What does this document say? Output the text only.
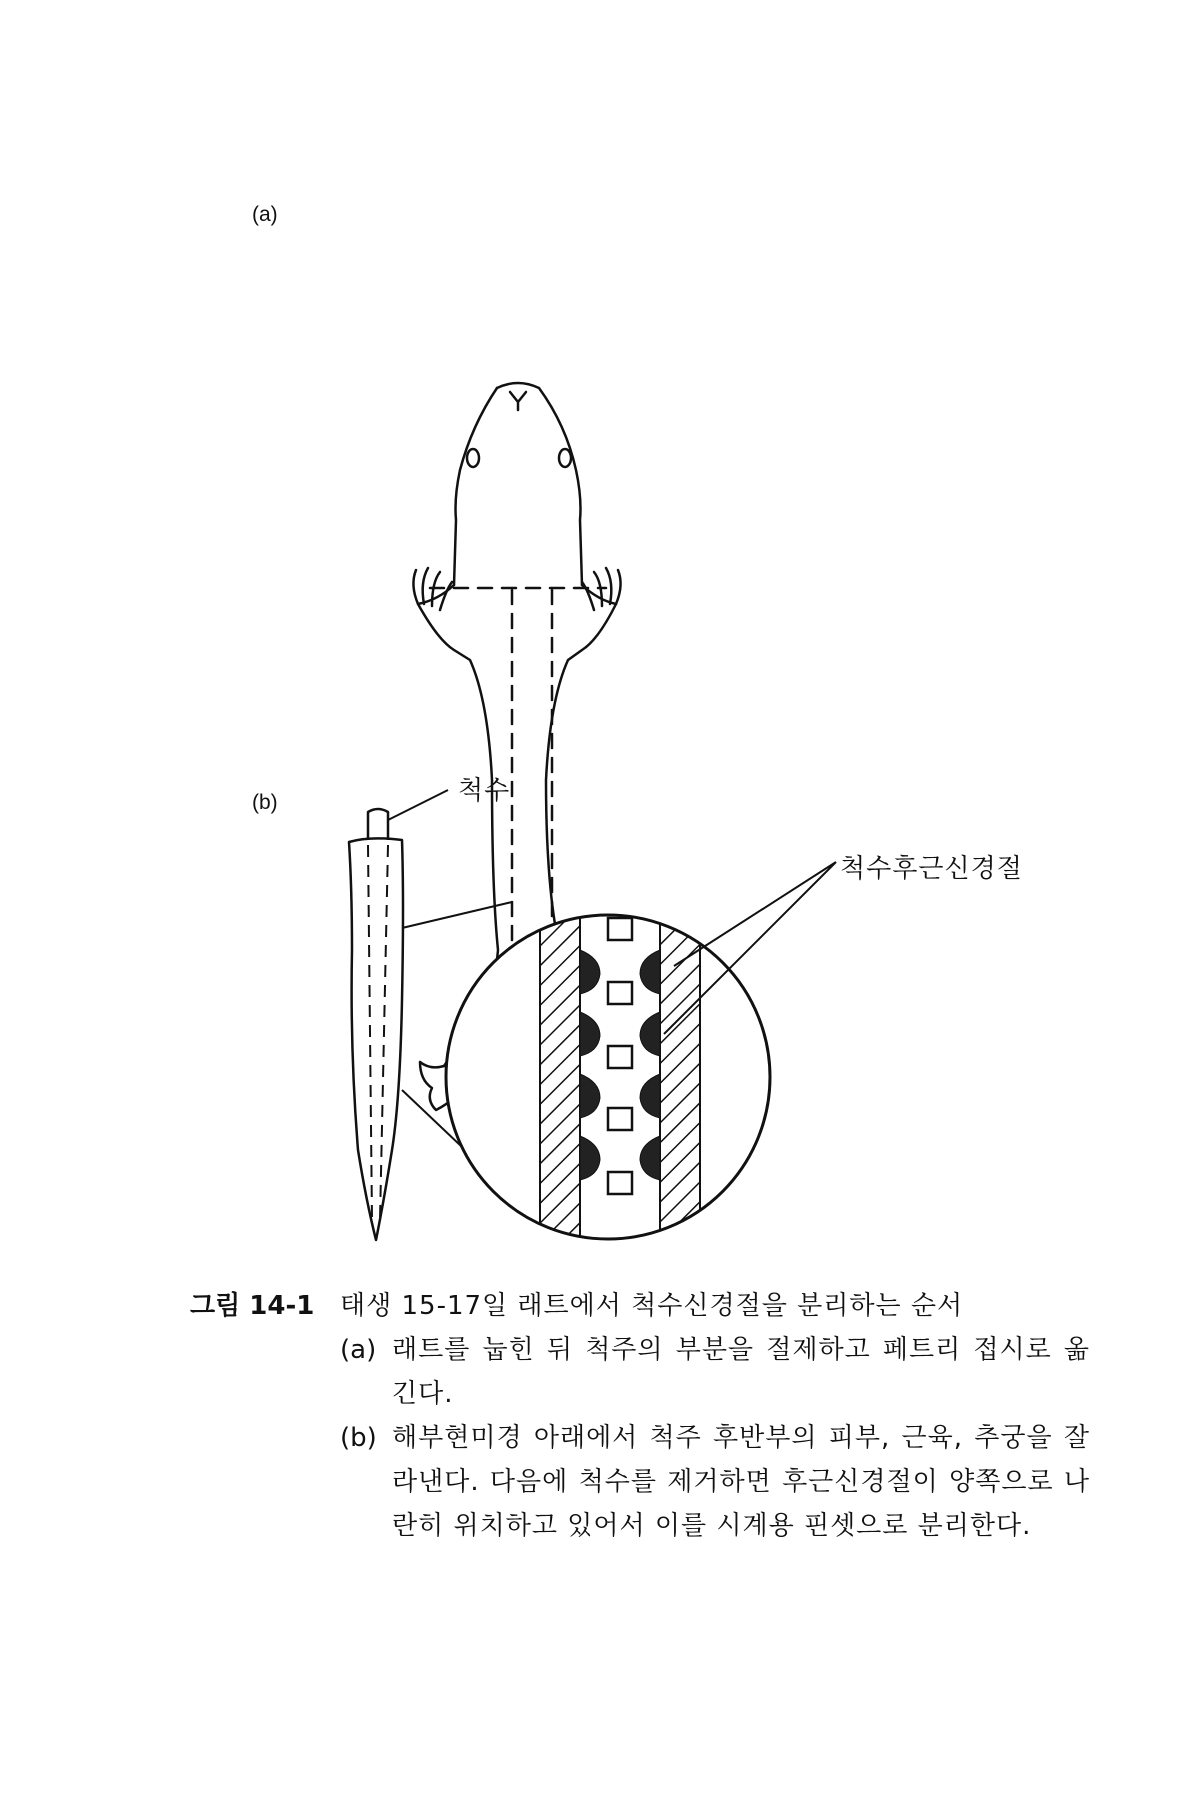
(a)
(b)	척수
척수후근신경절
그림 14-1 태생 15-17일 래트에서 척수신경절을 분리하는 순서
(a) 래트를 눕힌 뒤 척주의 부분을 절제하고 페트리 접시로 옮긴다.
(b) 해부현미경 아래에서 척주 후반부의 피부, 근육, 추궁을 잘라낸다. 다음에 척수를 제거하면 후근신경절이 양쪽으로 나란히 위치하고 있어서 이를 시계용 핀셋으로 분리한다.
